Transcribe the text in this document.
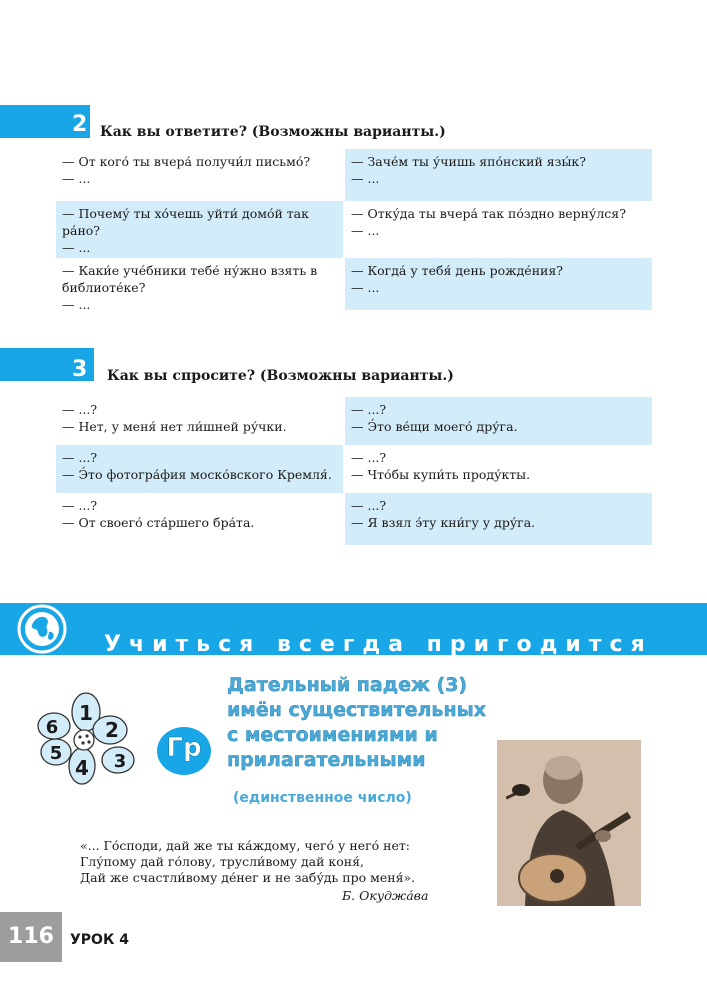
2 Как вы ответите? (Возможны варианты.)
— От кого́ ты вчера́ получи́л письмо́?
— ...
— Заче́м ты у́чишь япо́нский язы́к?
— ...
— Почему́ ты хо́чешь уйти́ домо́й так
ра́но?
— ...
— Отку́да ты вчера́ так по́здно верну́лся?
— ...
— Каки́е уче́бники тебе́ ну́жно взять в
библиоте́ке?
— ...
— Когда́ у тебя́ день рожде́ния?
— ...
3 Как вы спросите? (Возможны варианты.)
— ...?
— Нет, у меня́ нет ли́шней ру́чки.
— ...?
— Э́то ве́щи моего́ дру́га.
— ...?
— Э́то фотогра́фия моско́вского Кремля́.
— ...?
— Что́бы купи́ть проду́кты.
— ...?
— От своего́ ста́ршего бра́та.
— ...?
— Я взял э́ту кни́гу у дру́га.
Учиться всегда пригодится
1
2
3
4
5
6
Гр
Дательный падеж (3)
имён существительных
с местоимениями и
прилагательными
(единственное число)
«... Го́споди, дай же ты ка́ждому, чего́ у него́ нет:
Глу́пому дай го́лову, трусли́вому дай коня́,
Дай же счастли́вому де́нег и не забу́дь про меня́».
Б. Окуджа́ва
116	УРОК 4
